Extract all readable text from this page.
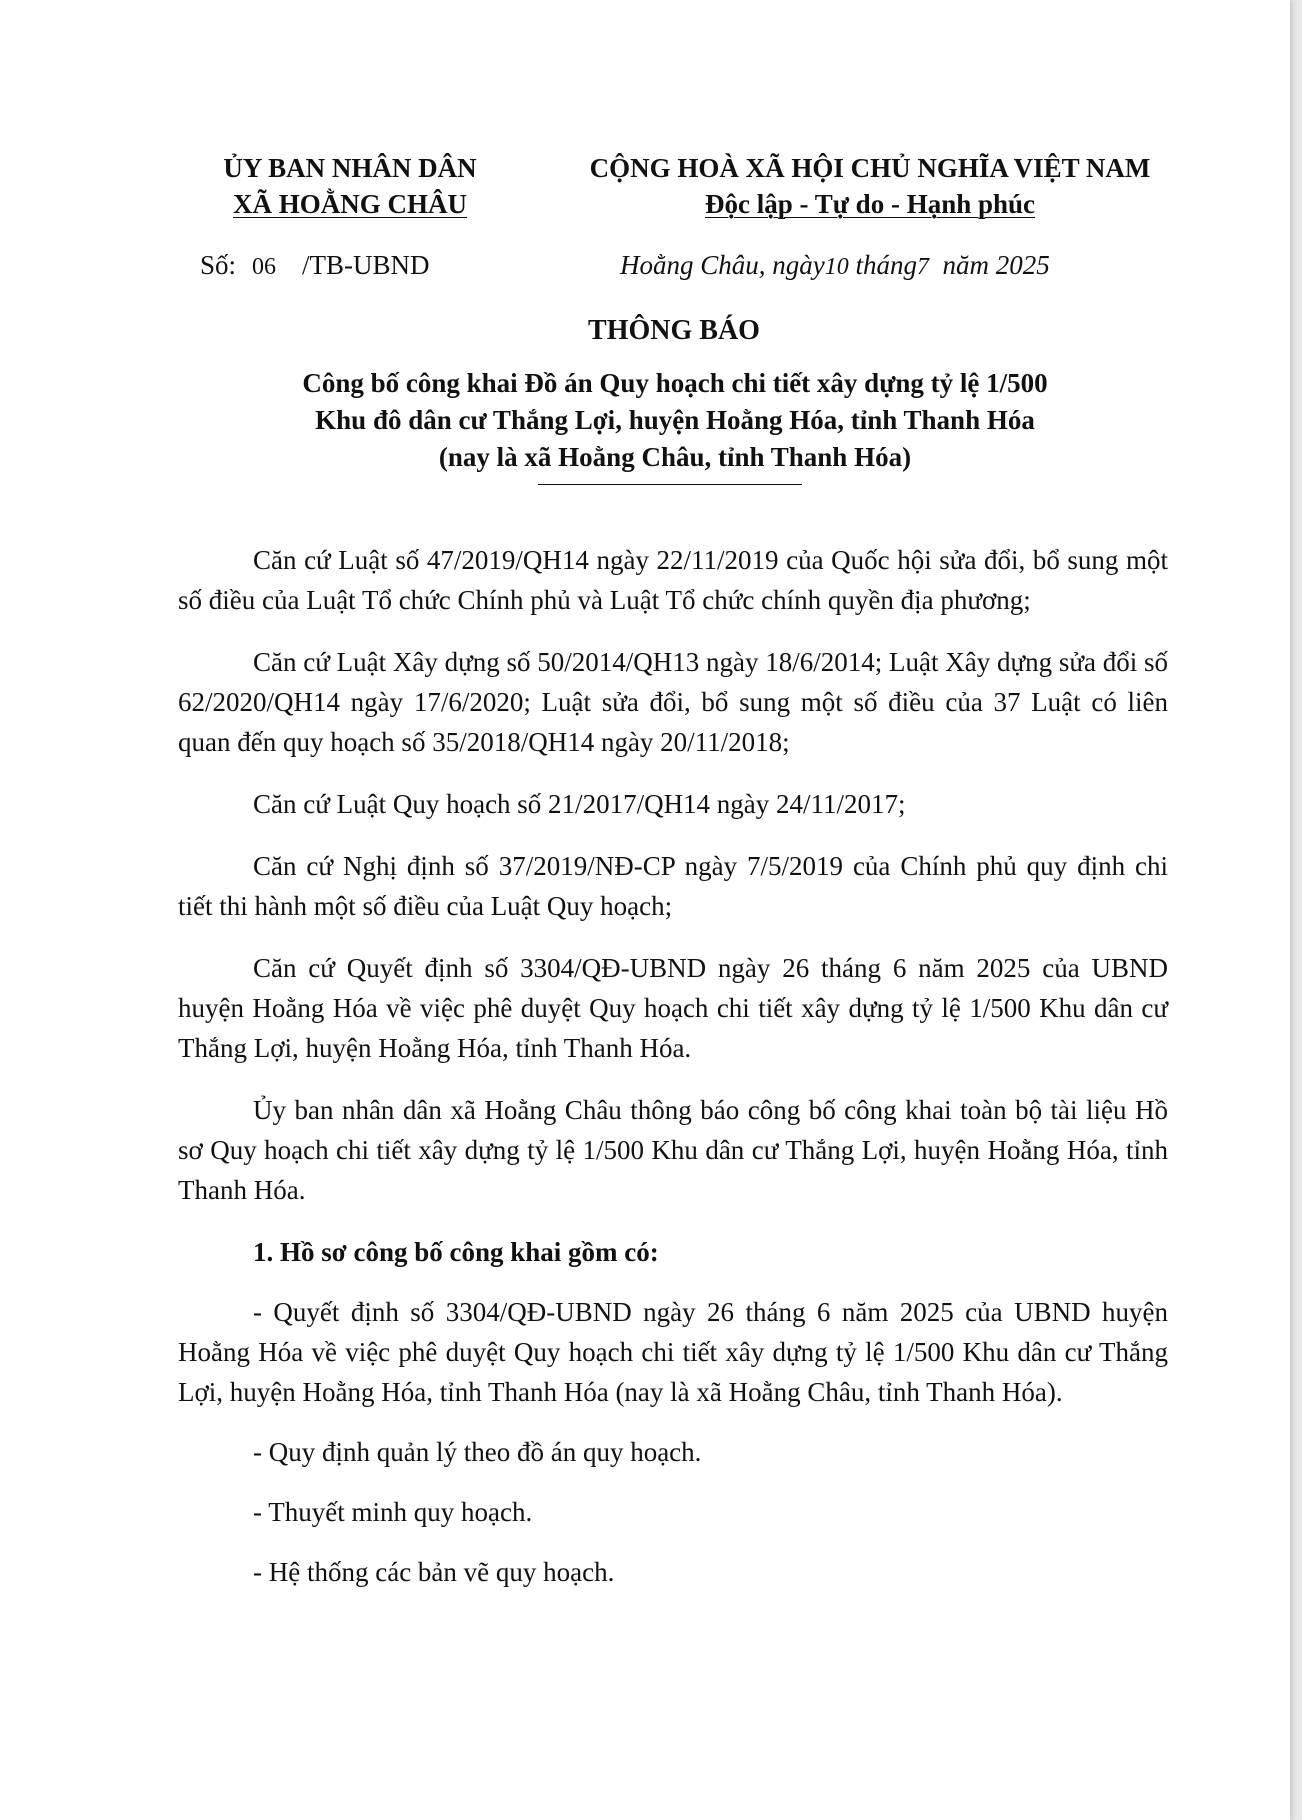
ỦY BAN NHÂN DÂN
XÃ HOẰNG CHÂU
CỘNG HOÀ XÃ HỘI CHỦ NGHĨA VIỆT NAM
Độc lập - Tự do - Hạnh phúc
Số: 06 /TB-UBND	Hoằng Châu, ngày10 tháng7 năm 2025
THÔNG BÁO
Công bố công khai Đồ án Quy hoạch chi tiết xây dựng tỷ lệ 1/500
Khu đô dân cư Thắng Lợi, huyện Hoằng Hóa, tỉnh Thanh Hóa
(nay là xã Hoằng Châu, tỉnh Thanh Hóa)

Căn cứ Luật số 47/2019/QH14 ngày 22/11/2019 của Quốc hội sửa đổi, bổ sung một số điều của Luật Tổ chức Chính phủ và Luật Tổ chức chính quyền địa phương;

Căn cứ Luật Xây dựng số 50/2014/QH13 ngày 18/6/2014; Luật Xây dựng sửa đổi số 62/2020/QH14 ngày 17/6/2020; Luật sửa đổi, bổ sung một số điều của 37 Luật có liên quan đến quy hoạch số 35/2018/QH14 ngày 20/11/2018;

Căn cứ Luật Quy hoạch số 21/2017/QH14 ngày 24/11/2017;

Căn cứ Nghị định số 37/2019/NĐ-CP ngày 7/5/2019 của Chính phủ quy định chi tiết thi hành một số điều của Luật Quy hoạch;

Căn cứ Quyết định số 3304/QĐ-UBND ngày 26 tháng 6 năm 2025 của UBND huyện Hoằng Hóa về việc phê duyệt Quy hoạch chi tiết xây dựng tỷ lệ 1/500 Khu dân cư Thắng Lợi, huyện Hoằng Hóa, tỉnh Thanh Hóa.

Ủy ban nhân dân xã Hoằng Châu thông báo công bố công khai toàn bộ tài liệu Hồ sơ Quy hoạch chi tiết xây dựng tỷ lệ 1/500 Khu dân cư Thắng Lợi, huyện Hoằng Hóa, tỉnh Thanh Hóa.

1. Hồ sơ công bố công khai gồm có:

- Quyết định số 3304/QĐ-UBND ngày 26 tháng 6 năm 2025 của UBND huyện Hoằng Hóa về việc phê duyệt Quy hoạch chi tiết xây dựng tỷ lệ 1/500 Khu dân cư Thắng Lợi, huyện Hoằng Hóa, tỉnh Thanh Hóa (nay là xã Hoằng Châu, tỉnh Thanh Hóa).

- Quy định quản lý theo đồ án quy hoạch.

- Thuyết minh quy hoạch.

- Hệ thống các bản vẽ quy hoạch.
